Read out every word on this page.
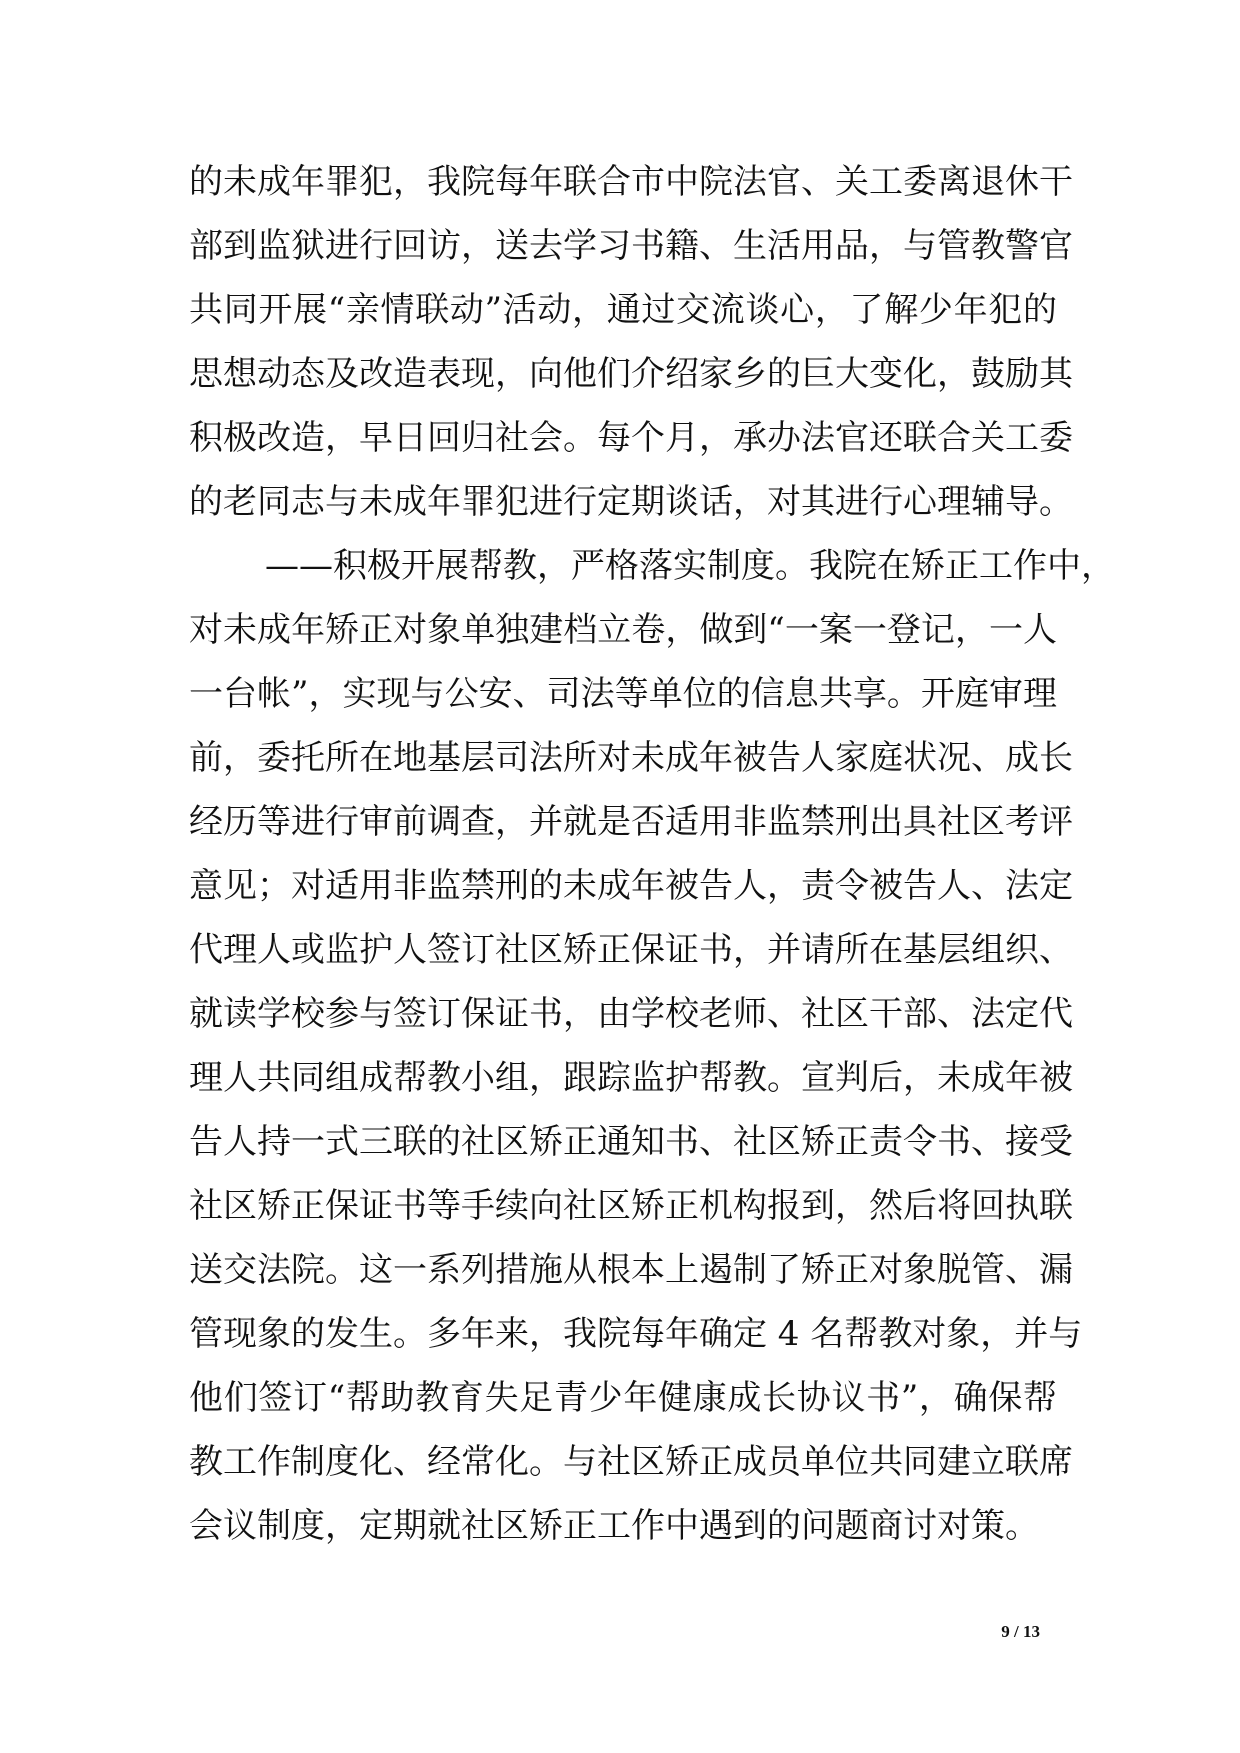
的未成年罪犯，我院每年联合市中院法官、关工委离退休干
部到监狱进行回访，送去学习书籍、生活用品，与管教警官
共同开展“亲情联动”活动，通过交流谈心，了解少年犯的
思想动态及改造表现，向他们介绍家乡的巨大变化，鼓励其
积极改造，早日回归社会。每个月，承办法官还联合关工委
的老同志与未成年罪犯进行定期谈话，对其进行心理辅导。
——积极开展帮教，严格落实制度。我院在矫正工作中，
对未成年矫正对象单独建档立卷，做到“一案一登记，一人
一台帐”，实现与公安、司法等单位的信息共享。开庭审理
前，委托所在地基层司法所对未成年被告人家庭状况、成长
经历等进行审前调查，并就是否适用非监禁刑出具社区考评
意见；对适用非监禁刑的未成年被告人，责令被告人、法定
代理人或监护人签订社区矫正保证书，并请所在基层组织、
就读学校参与签订保证书，由学校老师、社区干部、法定代
理人共同组成帮教小组，跟踪监护帮教。宣判后，未成年被
告人持一式三联的社区矫正通知书、社区矫正责令书、接受
社区矫正保证书等手续向社区矫正机构报到，然后将回执联
送交法院。这一系列措施从根本上遏制了矫正对象脱管、漏
管现象的发生。多年来，我院每年确定 4 名帮教对象，并与
他们签订“帮助教育失足青少年健康成长协议书”，确保帮
教工作制度化、经常化。与社区矫正成员单位共同建立联席
会议制度，定期就社区矫正工作中遇到的问题商讨对策。
9 / 13
